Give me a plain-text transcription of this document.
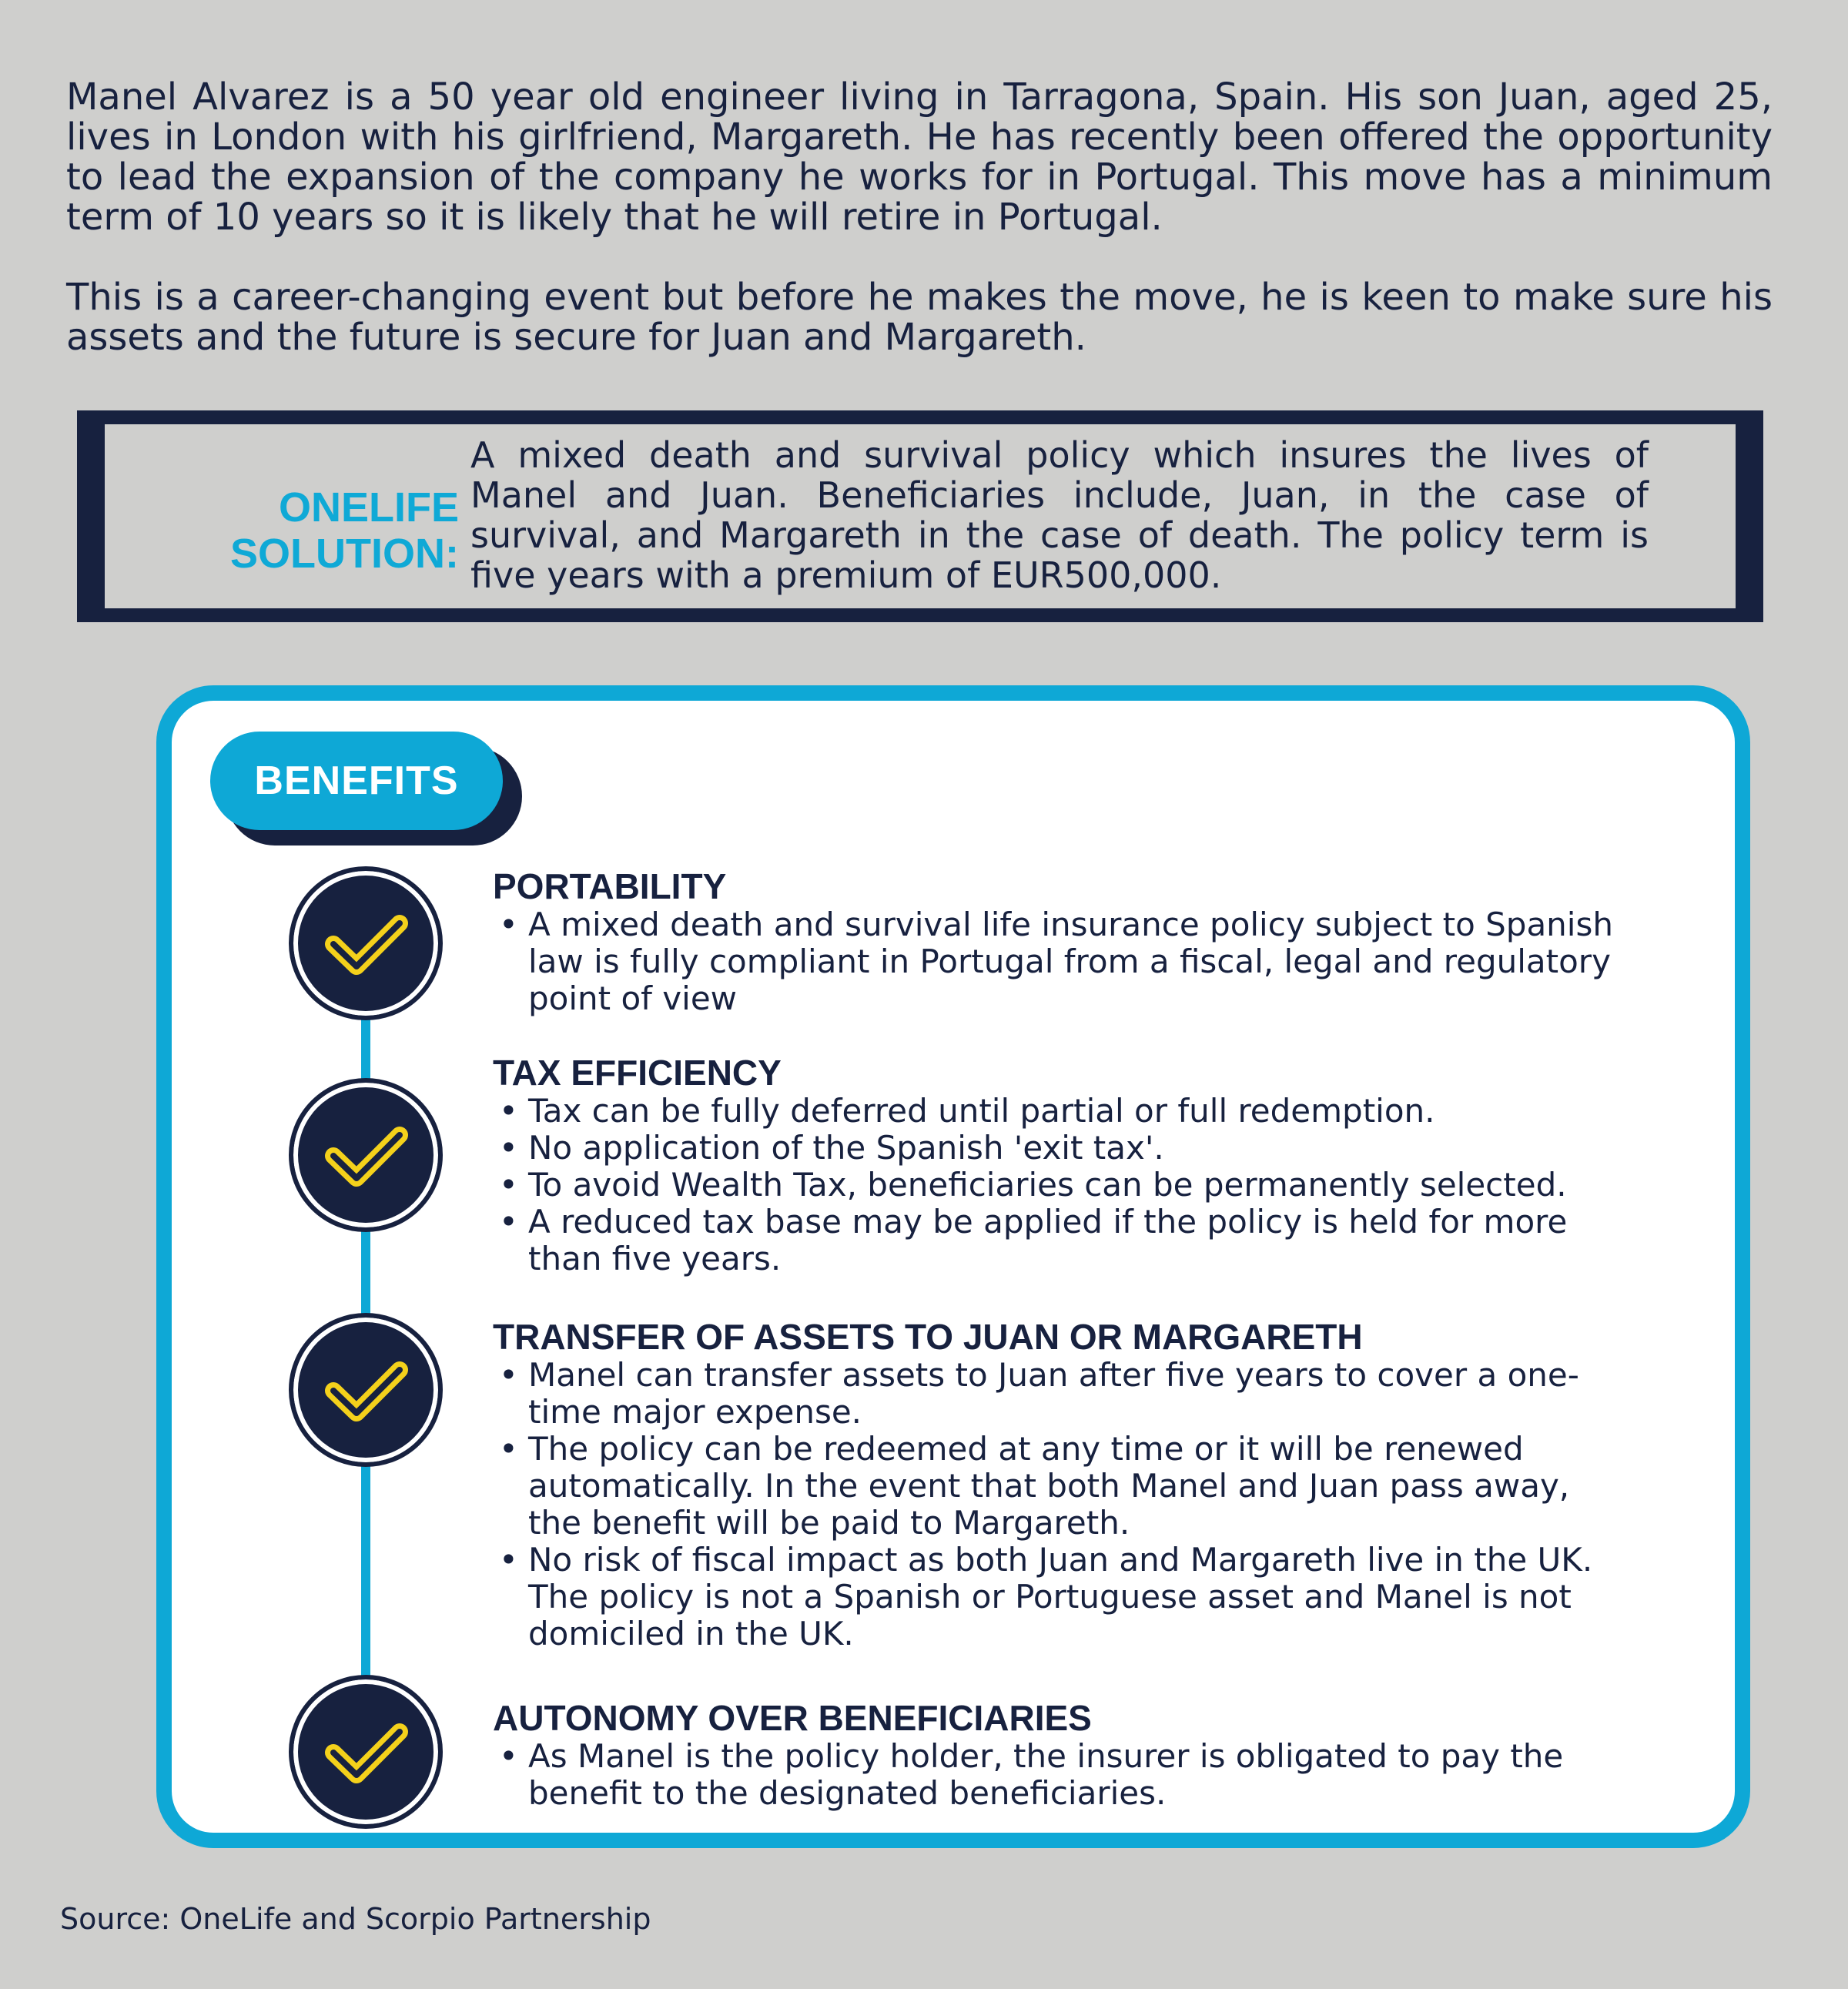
Manel Alvarez is a 50 year old engineer living in Tarragona, Spain. His son Juan, aged 25, lives in London with his girlfriend, Margareth. He has recently been offered the opportunity to lead the expansion of the company he works for in Portugal. This move has a minimum term of 10 years so it is likely that he will retire in Portugal.

This is a career-changing event but before he makes the move, he is keen to make sure his assets and the future is secure for Juan and Margareth.

ONELIFE
SOLUTION:
A mixed death and survival policy which insures the lives of Manel and Juan. Beneficiaries include, Juan, in the case of survival, and Margareth in the case of death. The policy term is five years with a premium of EUR500,000.
BENEFITS
PORTABILITY
• A mixed death and survival life insurance policy subject to Spanish law is fully compliant in Portugal from a fiscal, legal and regulatory point of view
TAX EFFICIENCY
• Tax can be fully deferred until partial or full redemption.
• No application of the Spanish 'exit tax'.
• To avoid Wealth Tax, beneficiaries can be permanently selected.
• A reduced tax base may be applied if the policy is held for more than five years.
TRANSFER OF ASSETS TO JUAN OR MARGARETH
• Manel can transfer assets to Juan after five years to cover a one-time major expense.
• The policy can be redeemed at any time or it will be renewed automatically. In the event that both Manel and Juan pass away, the benefit will be paid to Margareth.
• No risk of fiscal impact as both Juan and Margareth live in the UK. The policy is not a Spanish or Portuguese asset and Manel is not domiciled in the UK.
AUTONOMY OVER BENEFICIARIES
• As Manel is the policy holder, the insurer is obligated to pay the benefit to the designated beneficiaries.
Source: OneLife and Scorpio Partnership
